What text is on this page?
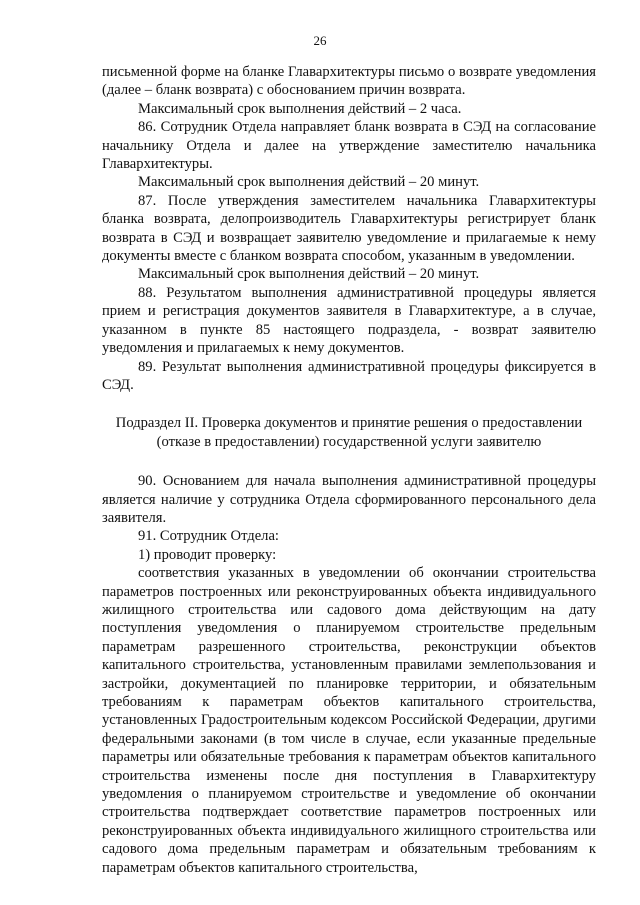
26

письменной форме на бланке Главархитектуры письмо о возврате уведомления (далее – бланк возврата) с обоснованием причин возврата.

Максимальный срок выполнения действий – 2 часа.

86. Сотрудник Отдела направляет бланк возврата в СЭД на согласование начальнику Отдела и далее на утверждение заместителю начальника Главархитектуры.

Максимальный срок выполнения действий – 20 минут.

87. После утверждения заместителем начальника Главархитектуры бланка возврата, делопроизводитель Главархитектуры регистрирует бланк возврата в СЭД и возвращает заявителю уведомление и прилагаемые к нему документы вместе с бланком возврата способом, указанным в уведомлении.

Максимальный срок выполнения действий – 20 минут.

88. Результатом выполнения административной процедуры является прием и регистрация документов заявителя в Главархитектуре, а в случае, указанном в пункте 85 настоящего подраздела, - возврат заявителю уведомления и прилагаемых к нему документов.

89. Результат выполнения административной процедуры фиксируется в СЭД.

Подраздел II. Проверка документов и принятие решения о предоставлении
(отказе в предоставлении) государственной услуги заявителю

90. Основанием для начала выполнения административной процедуры является наличие у сотрудника Отдела сформированного персонального дела заявителя.

91. Сотрудник Отдела:

1) проводит проверку:

соответствия указанных в уведомлении об окончании строительства параметров построенных или реконструированных объекта индивидуального жилищного строительства или садового дома действующим на дату поступления уведомления о планируемом строительстве предельным параметрам разрешенного строительства, реконструкции объектов капитального строительства, установленным правилами землепользования и застройки, документацией по планировке территории, и обязательным требованиям к параметрам объектов капитального строительства, установленных Градостроительным кодексом Российской Федерации, другими федеральными законами (в том числе в случае, если указанные предельные параметры или обязательные требования к параметрам объектов капитального строительства изменены после дня поступления в Главархитектуру уведомления о планируемом строительстве и уведомление об окончании строительства подтверждает соответствие параметров построенных или реконструированных объекта индивидуального жилищного строительства или садового дома предельным параметрам и обязательным требованиям к параметрам объектов капитального строительства,
